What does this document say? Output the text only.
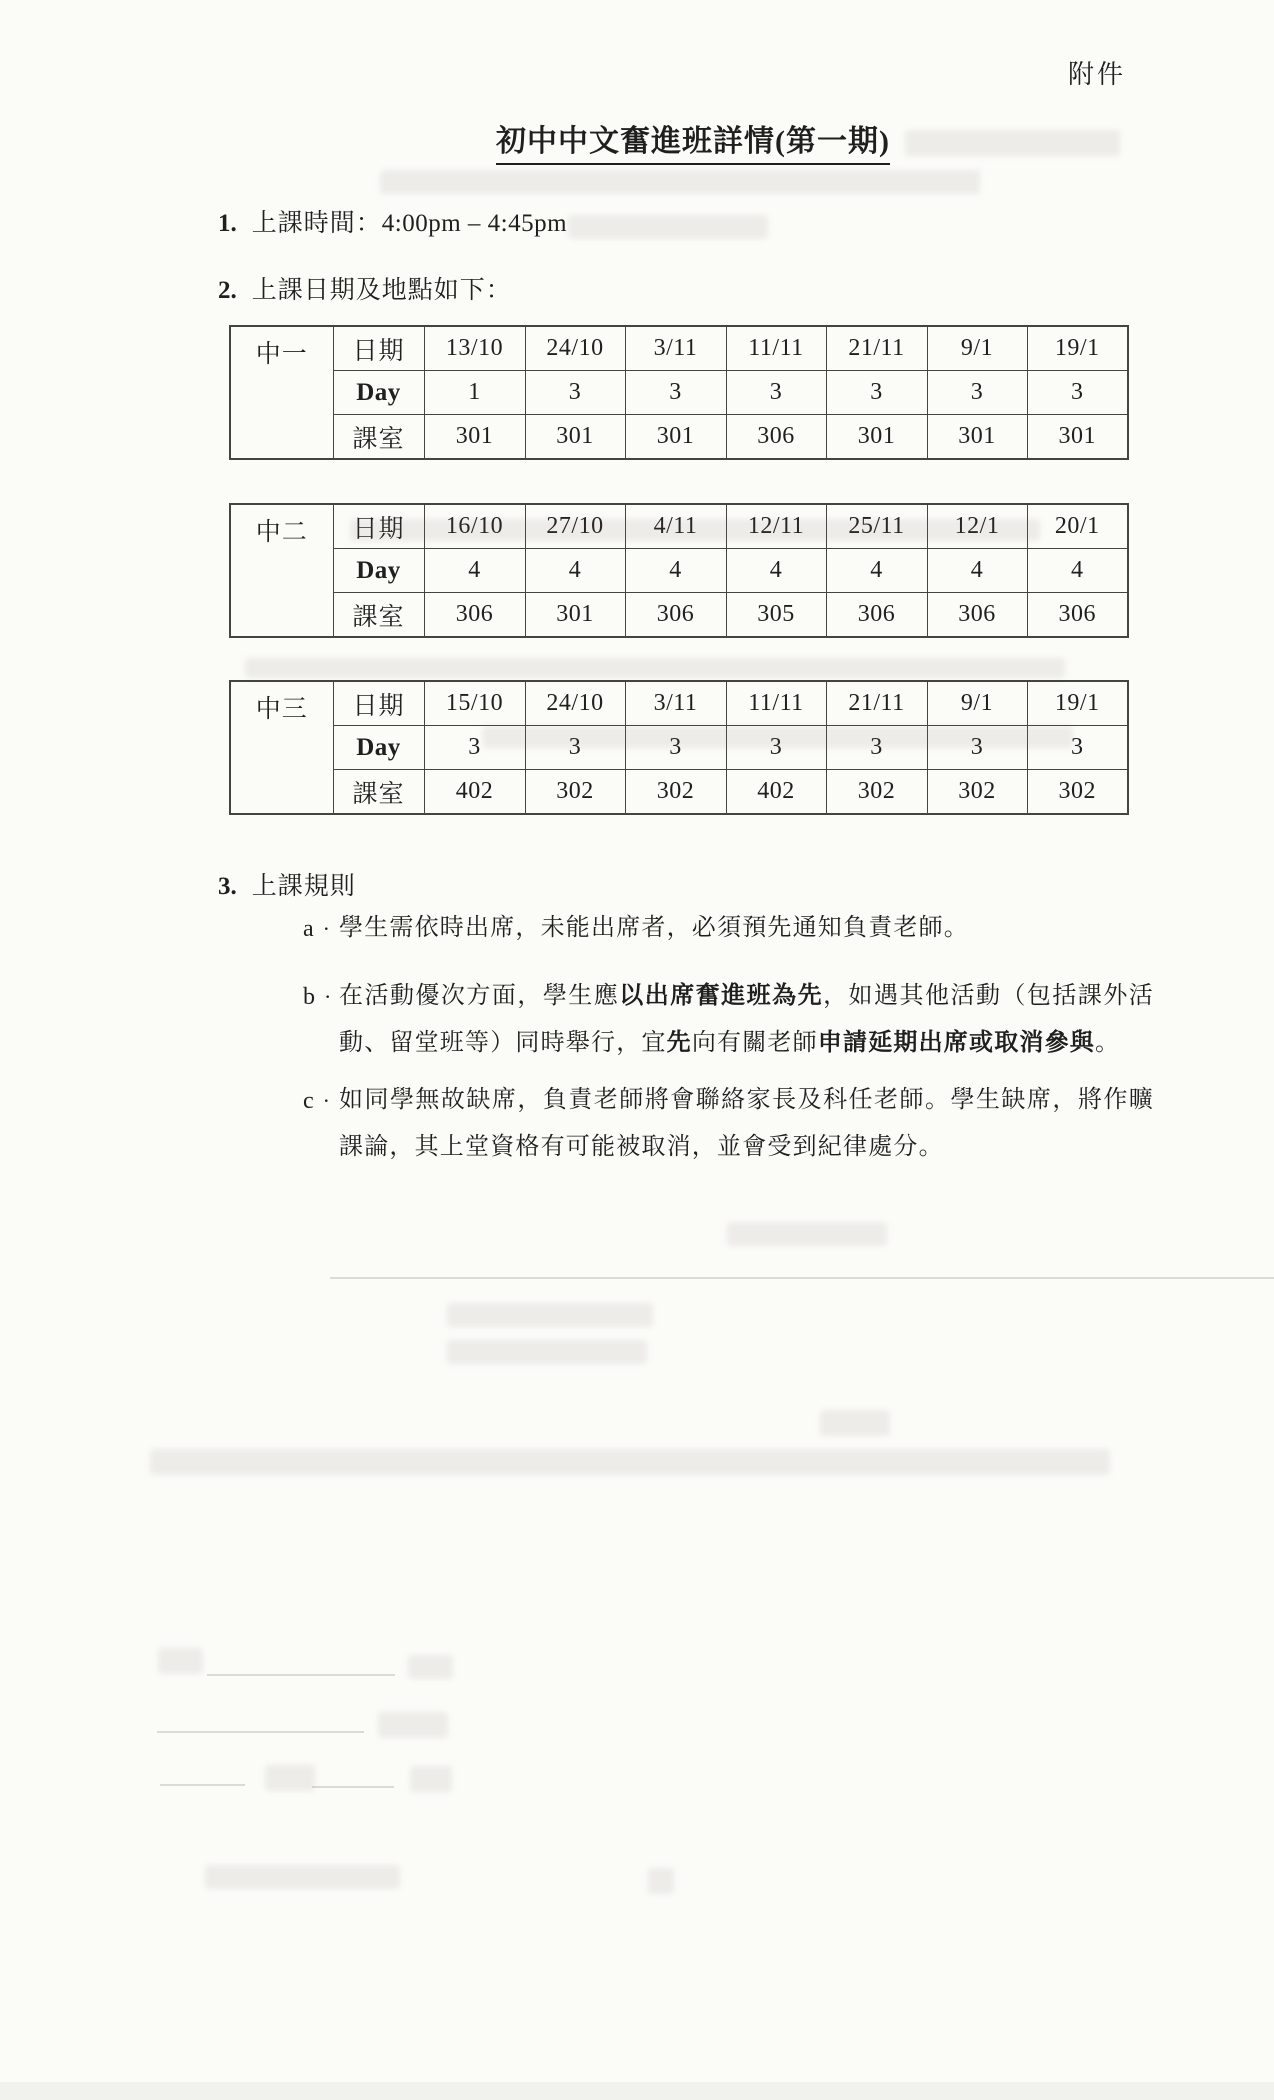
附件
初中中文奮進班詳情(第一期)
1. 上課時間：4:00pm – 4:45pm
2. 上課日期及地點如下：
中一	日期	13/10	24/10	3/11	11/11	21/11	9/1	19/1
	Day	1	3	3	3	3	3	3
	課室	301	301	301	306	301	301	301
中二	日期	16/10	27/10	4/11	12/11	25/11	12/1	20/1
	Day	4	4	4	4	4	4	4
	課室	306	301	306	305	306	306	306
中三	日期	15/10	24/10	3/11	11/11	21/11	9/1	19/1
	Day	3	3	3	3	3	3	3
	課室	402	302	302	402	302	302	302
3. 上課規則
a · 學生需依時出席，未能出席者，必須預先通知負責老師。
b · 在活動優次方面，學生應以出席奮進班為先，如遇其他活動（包括課外活動、留堂班等）同時舉行，宜先向有關老師申請延期出席或取消參與。
c · 如同學無故缺席，負責老師將會聯絡家長及科任老師。學生缺席，將作曠課論，其上堂資格有可能被取消，並會受到紀律處分。
